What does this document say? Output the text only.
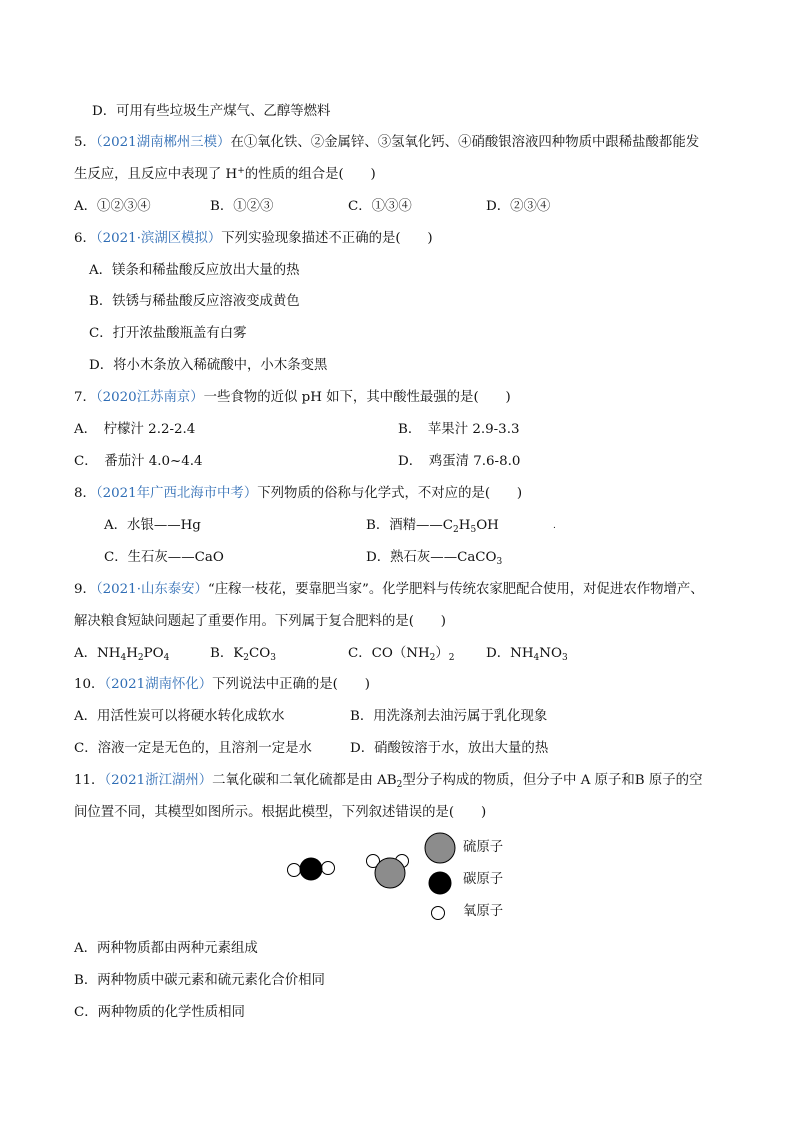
D．可用有些垃圾生产煤气、乙醇等燃料
5．（2021湖南郴州三模）在①氧化铁、②金属锌、③氢氧化钙、④硝酸银溶液四种物质中跟稀盐酸都能发
生反应，且反应中表现了 H+的性质的组合是(　　)
A．①②③④	B．①②③	C．①③④	D．②③④
6．（2021·滨湖区模拟）下列实验现象描述不正确的是(　　)
A．镁条和稀盐酸反应放出大量的热
B．铁锈与稀盐酸反应溶液变成黄色
C．打开浓盐酸瓶盖有白雾
D．将小木条放入稀硫酸中，小木条变黑
7．（2020江苏南京）一些食物的近似 pH 如下，其中酸性最强的是(　　)
A．　柠檬汁 2.2-2.4	B．　苹果汁 2.9-3.3
C．　番茄汁 4.0~4.4	D．　鸡蛋清 7.6-8.0
8．（2021年广西北海市中考）下列物质的俗称与化学式，不对应的是(　　)
A．水银——Hg	B．酒精$——C_2H_5OH$	.
C．生石灰——CaO	D．熟石灰——CaCO$_3$
9．（2021·山东泰安）“庄稼一枝花，要靠肥当家”。化学肥料与传统农家肥配合使用，对促进农作物增产、
解决粮食短缺问题起了重要作用。下列属于复合肥料的是(　　)
A．$NH_4H_2PO_4$	B．$K_2CO_3$	C．$CO(NH_2)_2$ D．$NH_4NO_3$
10．（2021湖南怀化）下列说法中正确的是(　　)
A．用活性炭可以将硬水转化成软水	B．用洗涤剂去油污属于乳化现象
C．溶液一定是无色的，且溶剂一定是水	D．硝酸铵溶于水，放出大量的热
11．（2021浙江湖州）二氧化碳和二氧化硫都是由 $AB_2$型分子构成的物质，但分子中 A 原子和B 原子的空
间位置不同，其模型如图所示。根据此模型，下列叙述错误的是(　　)
硫原子
碳原子
氧原子
A．两种物质都由两种元素组成
B．两种物质中碳元素和硫元素化合价相同
C．两种物质的化学性质相同
